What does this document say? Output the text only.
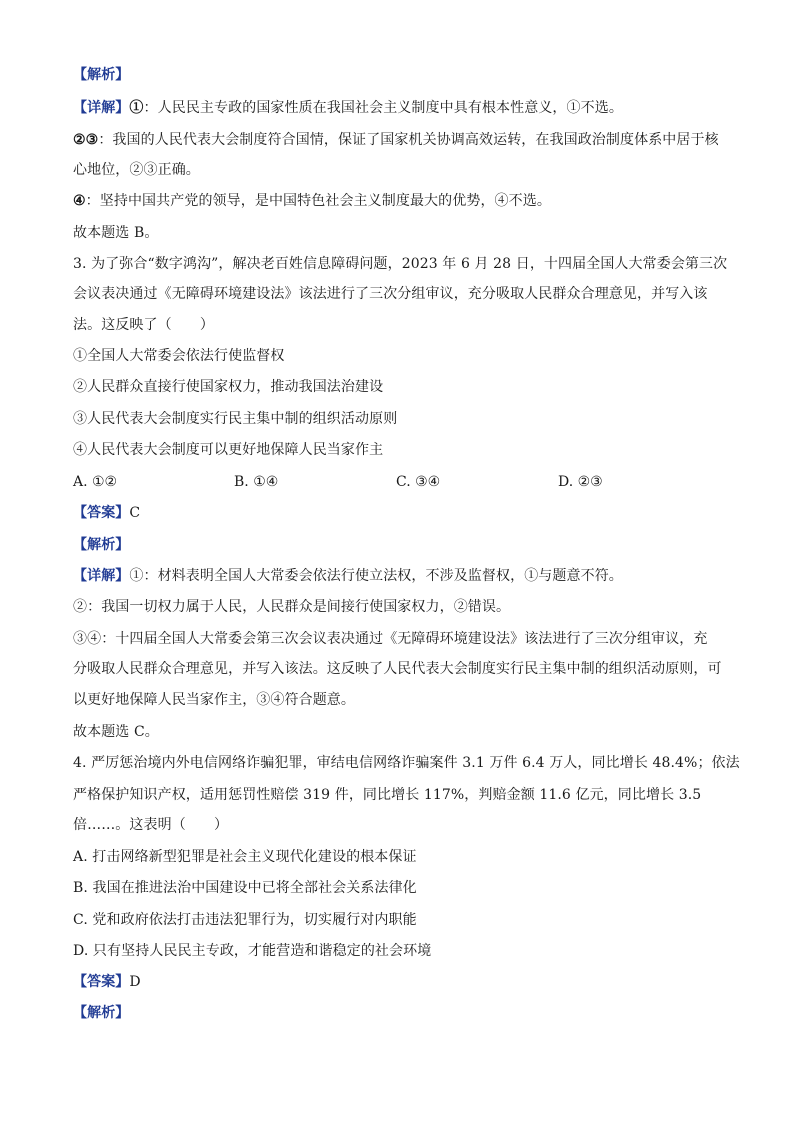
【解析】
【详解】①：人民民主专政的国家性质在我国社会主义制度中具有根本性意义，①不选。
②③：我国的人民代表大会制度符合国情，保证了国家机关协调高效运转，在我国政治制度体系中居于核
心地位，②③正确。
④：坚持中国共产党的领导，是中国特色社会主义制度最大的优势，④不选。
故本题选 B。
3. 为了弥合“数字鸿沟”，解决老百姓信息障碍问题，2023 年 6 月 28 日，十四届全国人大常委会第三次
会议表决通过《无障碍环境建设法》该法进行了三次分组审议，充分吸取人民群众合理意见，并写入该
法。这反映了（　　）
①全国人大常委会依法行使监督权
②人民群众直接行使国家权力，推动我国法治建设
③人民代表大会制度实行民主集中制的组织活动原则
④人民代表大会制度可以更好地保障人民当家作主
A. ①②	B. ①④	C. ③④	D. ②③
【答案】C
【解析】
【详解】①：材料表明全国人大常委会依法行使立法权，不涉及监督权，①与题意不符。
②：我国一切权力属于人民，人民群众是间接行使国家权力，②错误。
③④：十四届全国人大常委会第三次会议表决通过《无障碍环境建设法》该法进行了三次分组审议，充
分吸取人民群众合理意见，并写入该法。这反映了人民代表大会制度实行民主集中制的组织活动原则，可
以更好地保障人民当家作主，③④符合题意。
故本题选 C。
4. 严厉惩治境内外电信网络诈骗犯罪，审结电信网络诈骗案件 3.1 万件 6.4 万人，同比增长 48.4%；依法
严格保护知识产权，适用惩罚性赔偿 319 件，同比增长 117%，判赔金额 11.6 亿元，同比增长 3.5
倍……。这表明（　　）
A. 打击网络新型犯罪是社会主义现代化建设的根本保证
B. 我国在推进法治中国建设中已将全部社会关系法律化
C. 党和政府依法打击违法犯罪行为，切实履行对内职能
D. 只有坚持人民民主专政，才能营造和谐稳定的社会环境
【答案】D
【解析】
